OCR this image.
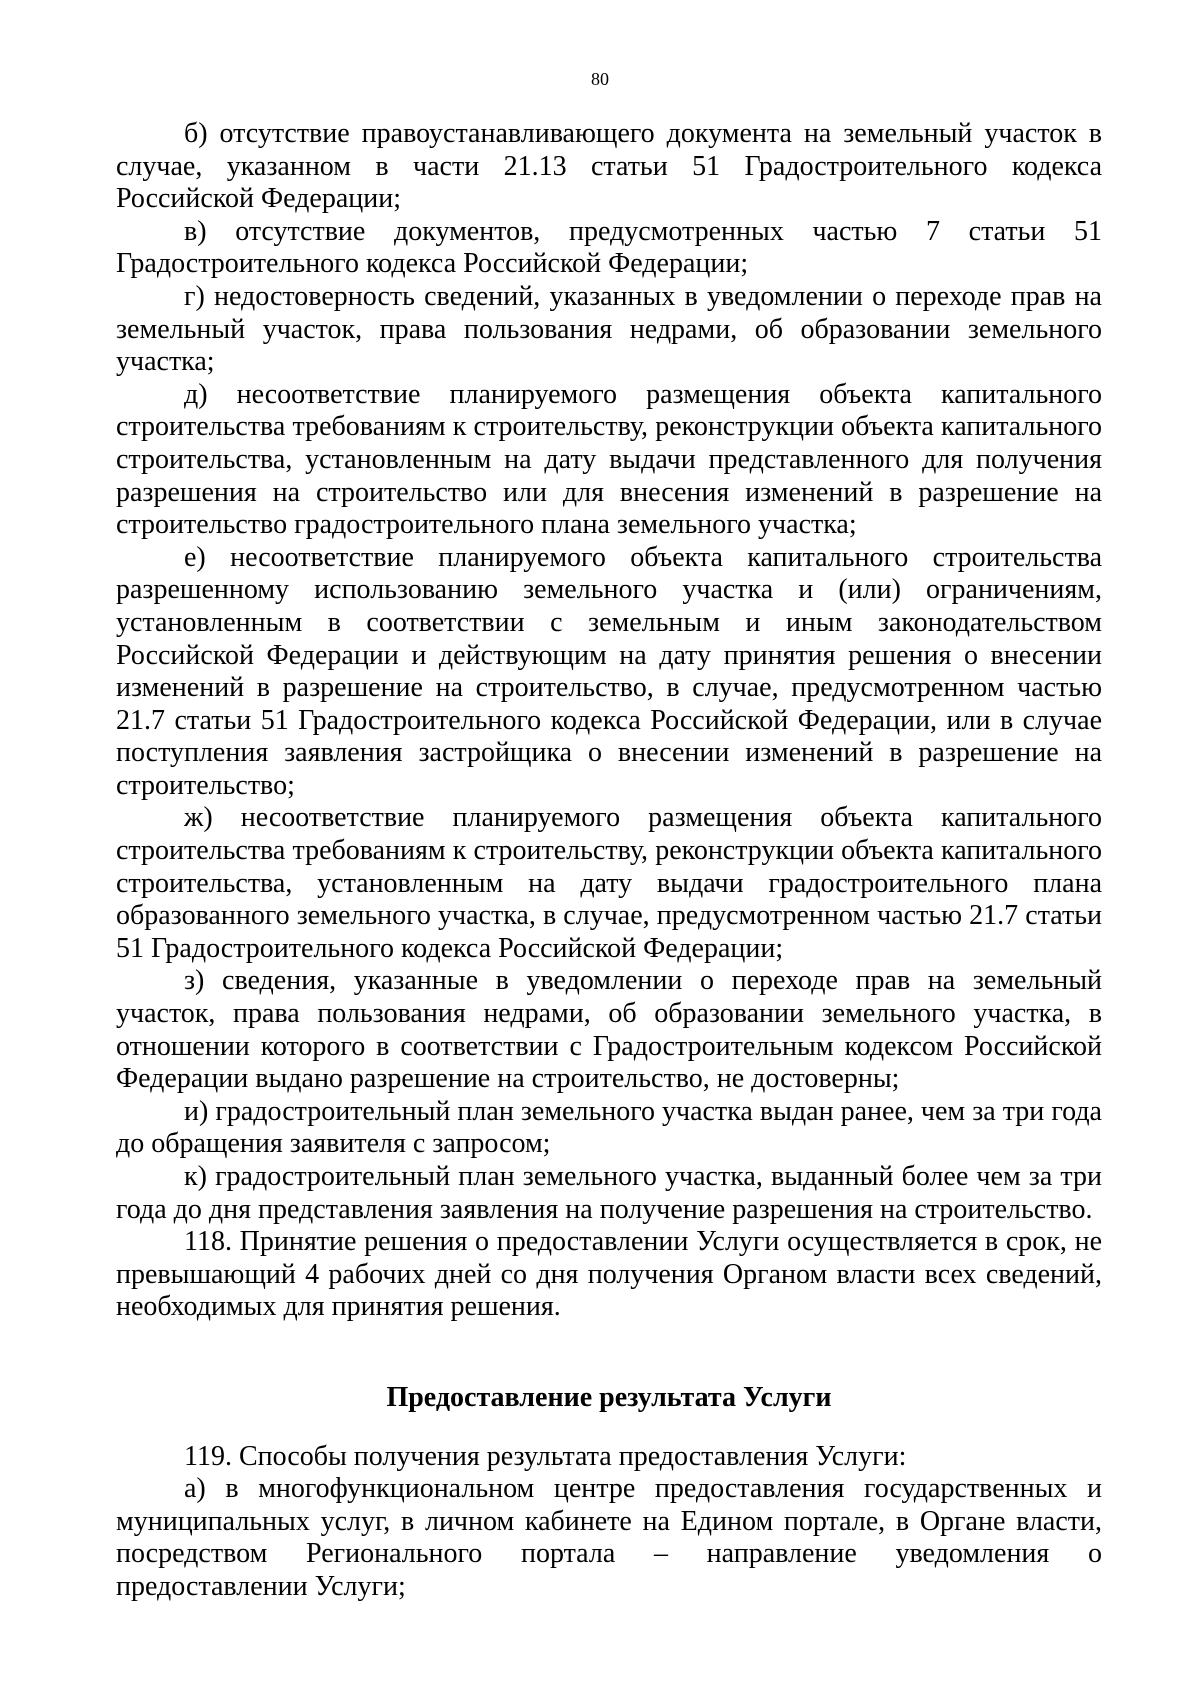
80

б) отсутствие правоустанавливающего документа на земельный участок в случае, указанном в части 21.13 статьи 51 Градостроительного кодекса Российской Федерации;

в) отсутствие документов, предусмотренных частью 7 статьи 51 Градостроительного кодекса Российской Федерации;

г) недостоверность сведений, указанных в уведомлении о переходе прав на земельный участок, права пользования недрами, об образовании земельного участка;

д) несоответствие планируемого размещения объекта капитального строительства требованиям к строительству, реконструкции объекта капитального строительства, установленным на дату выдачи представленного для получения разрешения на строительство или для внесения изменений в разрешение на строительство градостроительного плана земельного участка;

е) несоответствие планируемого объекта капитального строительства разрешенному использованию земельного участка и (или) ограничениям, установленным в соответствии с земельным и иным законодательством Российской Федерации и действующим на дату принятия решения о внесении изменений в разрешение на строительство, в случае, предусмотренном частью 21.7 статьи 51 Градостроительного кодекса Российской Федерации, или в случае поступления заявления застройщика о внесении изменений в разрешение на строительство;

ж) несоответствие планируемого размещения объекта капитального строительства требованиям к строительству, реконструкции объекта капитального строительства, установленным на дату выдачи градостроительного плана образованного земельного участка, в случае, предусмотренном частью 21.7 статьи 51 Градостроительного кодекса Российской Федерации;

з) сведения, указанные в уведомлении о переходе прав на земельный участок, права пользования недрами, об образовании земельного участка, в отношении которого в соответствии с Градостроительным кодексом Российской Федерации выдано разрешение на строительство, не достоверны;

и) градостроительный план земельного участка выдан ранее, чем за три года до обращения заявителя с запросом;

к) градостроительный план земельного участка, выданный более чем за три года до дня представления заявления на получение разрешения на строительство.

118. Принятие решения о предоставлении Услуги осуществляется в срок, не превышающий 4 рабочих дней со дня получения Органом власти всех сведений, необходимых для принятия решения.

Предоставление результата Услуги

119. Способы получения результата предоставления Услуги:

а) в многофункциональном центре предоставления государственных и муниципальных услуг, в личном кабинете на Едином портале, в Органе власти, посредством Регионального портала – направление уведомления о предоставлении Услуги;
